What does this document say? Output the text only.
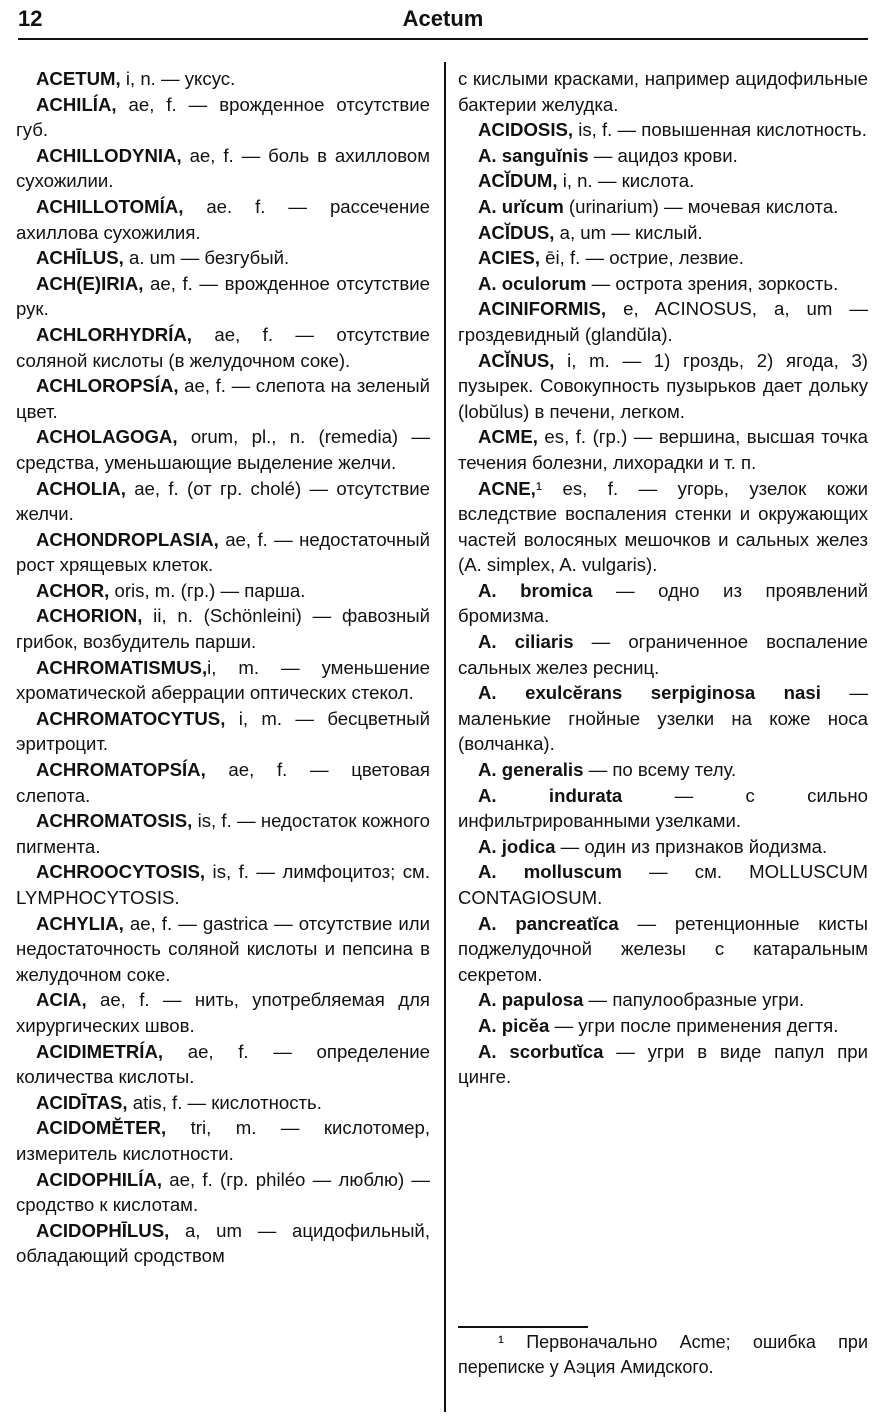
12	Acetum

ACETUM, i, n. — уксус.

ACHILÍA, ae, f. — врожденное отсутствие губ.

ACHILLODYNIA, ae, f. — боль в ахилловом сухожилии.

ACHILLOTOMÍA, ae. f. — рассечение ахиллова сухожилия.

ACHĪLUS, a. um — безгубый.

ACH(E)IRIA, ae, f. — врожденное отсутствие рук.

ACHLORHYDRÍA, ae, f. — отсутствие соляной кислоты (в желудочном соке).

ACHLOROPSÍA, ae, f. — слепота на зеленый цвет.

ACHOLAGOGA, orum, pl., n. (remedia) — средства, уменьшающие выделение желчи.

ACHOLIA, ae, f. (от гр. cholé) — отсутствие желчи.

ACHONDROPLASIA, ae, f. — недостаточный рост хрящевых клеток.

ACHOR, oris, m. (гр.) — парша.

ACHORION, ii, n. (Schönleini) — фавозный грибок, возбудитель парши.

ACHROMATISMUS,i, m. — уменьшение хроматической аберрации оптических стекол.

ACHROMATOCYTUS, i, m. — бесцветный эритроцит.

ACHROMATOPSÍA, ae, f. — цветовая слепота.

ACHROMATOSIS, is, f. — недостаток кожного пигмента.

ACHROOCYTOSIS, is, f. — лимфоцитоз; см. LYMPHOCYTOSIS.

ACHYLIA, ae, f. — gastrica — отсутствие или недостаточность соляной кислоты и пепсина в желудочном соке.

ACIA, ae, f. — нить, употребляемая для хирургических швов.

ACIDIMETRÍA, ae, f. — определение количества кислоты.

ACIDĪTAS, atis, f. — кислотность.

ACIDOMĔTER, tri, m. — кислотомер, измеритель кислотности.

ACIDOPHILÍA, ae, f. (гр. philéo — люблю) — сродство к кислотам.

ACIDOPHĪLUS, a, um — ацидофильный, обладающий сродством

с кислыми красками, например ацидофильные бактерии желудка.

ACIDOSIS, is, f. — повышенная кислотность.

A. sanguĭnis — ацидоз крови.

ACĬDUM, i, n. — кислота.

A. urĭcum (urinarium) — мочевая кислота.

ACĬDUS, a, um — кислый.

ACIES, ēi, f. — острие, лезвие.

A. oculorum — острота зрения, зоркость.

ACINIFORMIS, e, ACINOSUS, a, um — гроздевидный (glandŭla).

ACĬNUS, i, m. — 1) гроздь, 2) ягода, 3) пузырек. Совокупность пузырьков дает дольку (lobŭlus) в печени, легком.

ACME, es, f. (гр.) — вершина, высшая точка течения болезни, лихорадки и т. п.

ACNE,¹ es, f. — угорь, узелок кожи вследствие воспаления стенки и окружающих частей волосяных мешочков и сальных желез (A. simplex, A. vulgaris).

A. bromica — одно из проявлений бромизма.

A. ciliaris — ограниченное воспаление сальных желез ресниц.

A. exulcĕrans serpiginosa nasi — маленькие гнойные узелки на коже носа (волчанка).

A. generalis — по всему телу.

A. indurata — с сильно инфильтрированными узелками.

A. jodica — один из признаков йодизма.

A. molluscum — см. MOLLUSCUM CONTAGIOSUM.

A. pancreatĭca — ретенционные кисты поджелудочной железы с катаральным секретом.

A. papulosa — папулообразные угри.

A. picĕa — угри после применения дегтя.

A. scorbutĭca — угри в виде папул при цинге.

¹ Первоначально Acme; ошибка при переписке у Аэция Амидского.
